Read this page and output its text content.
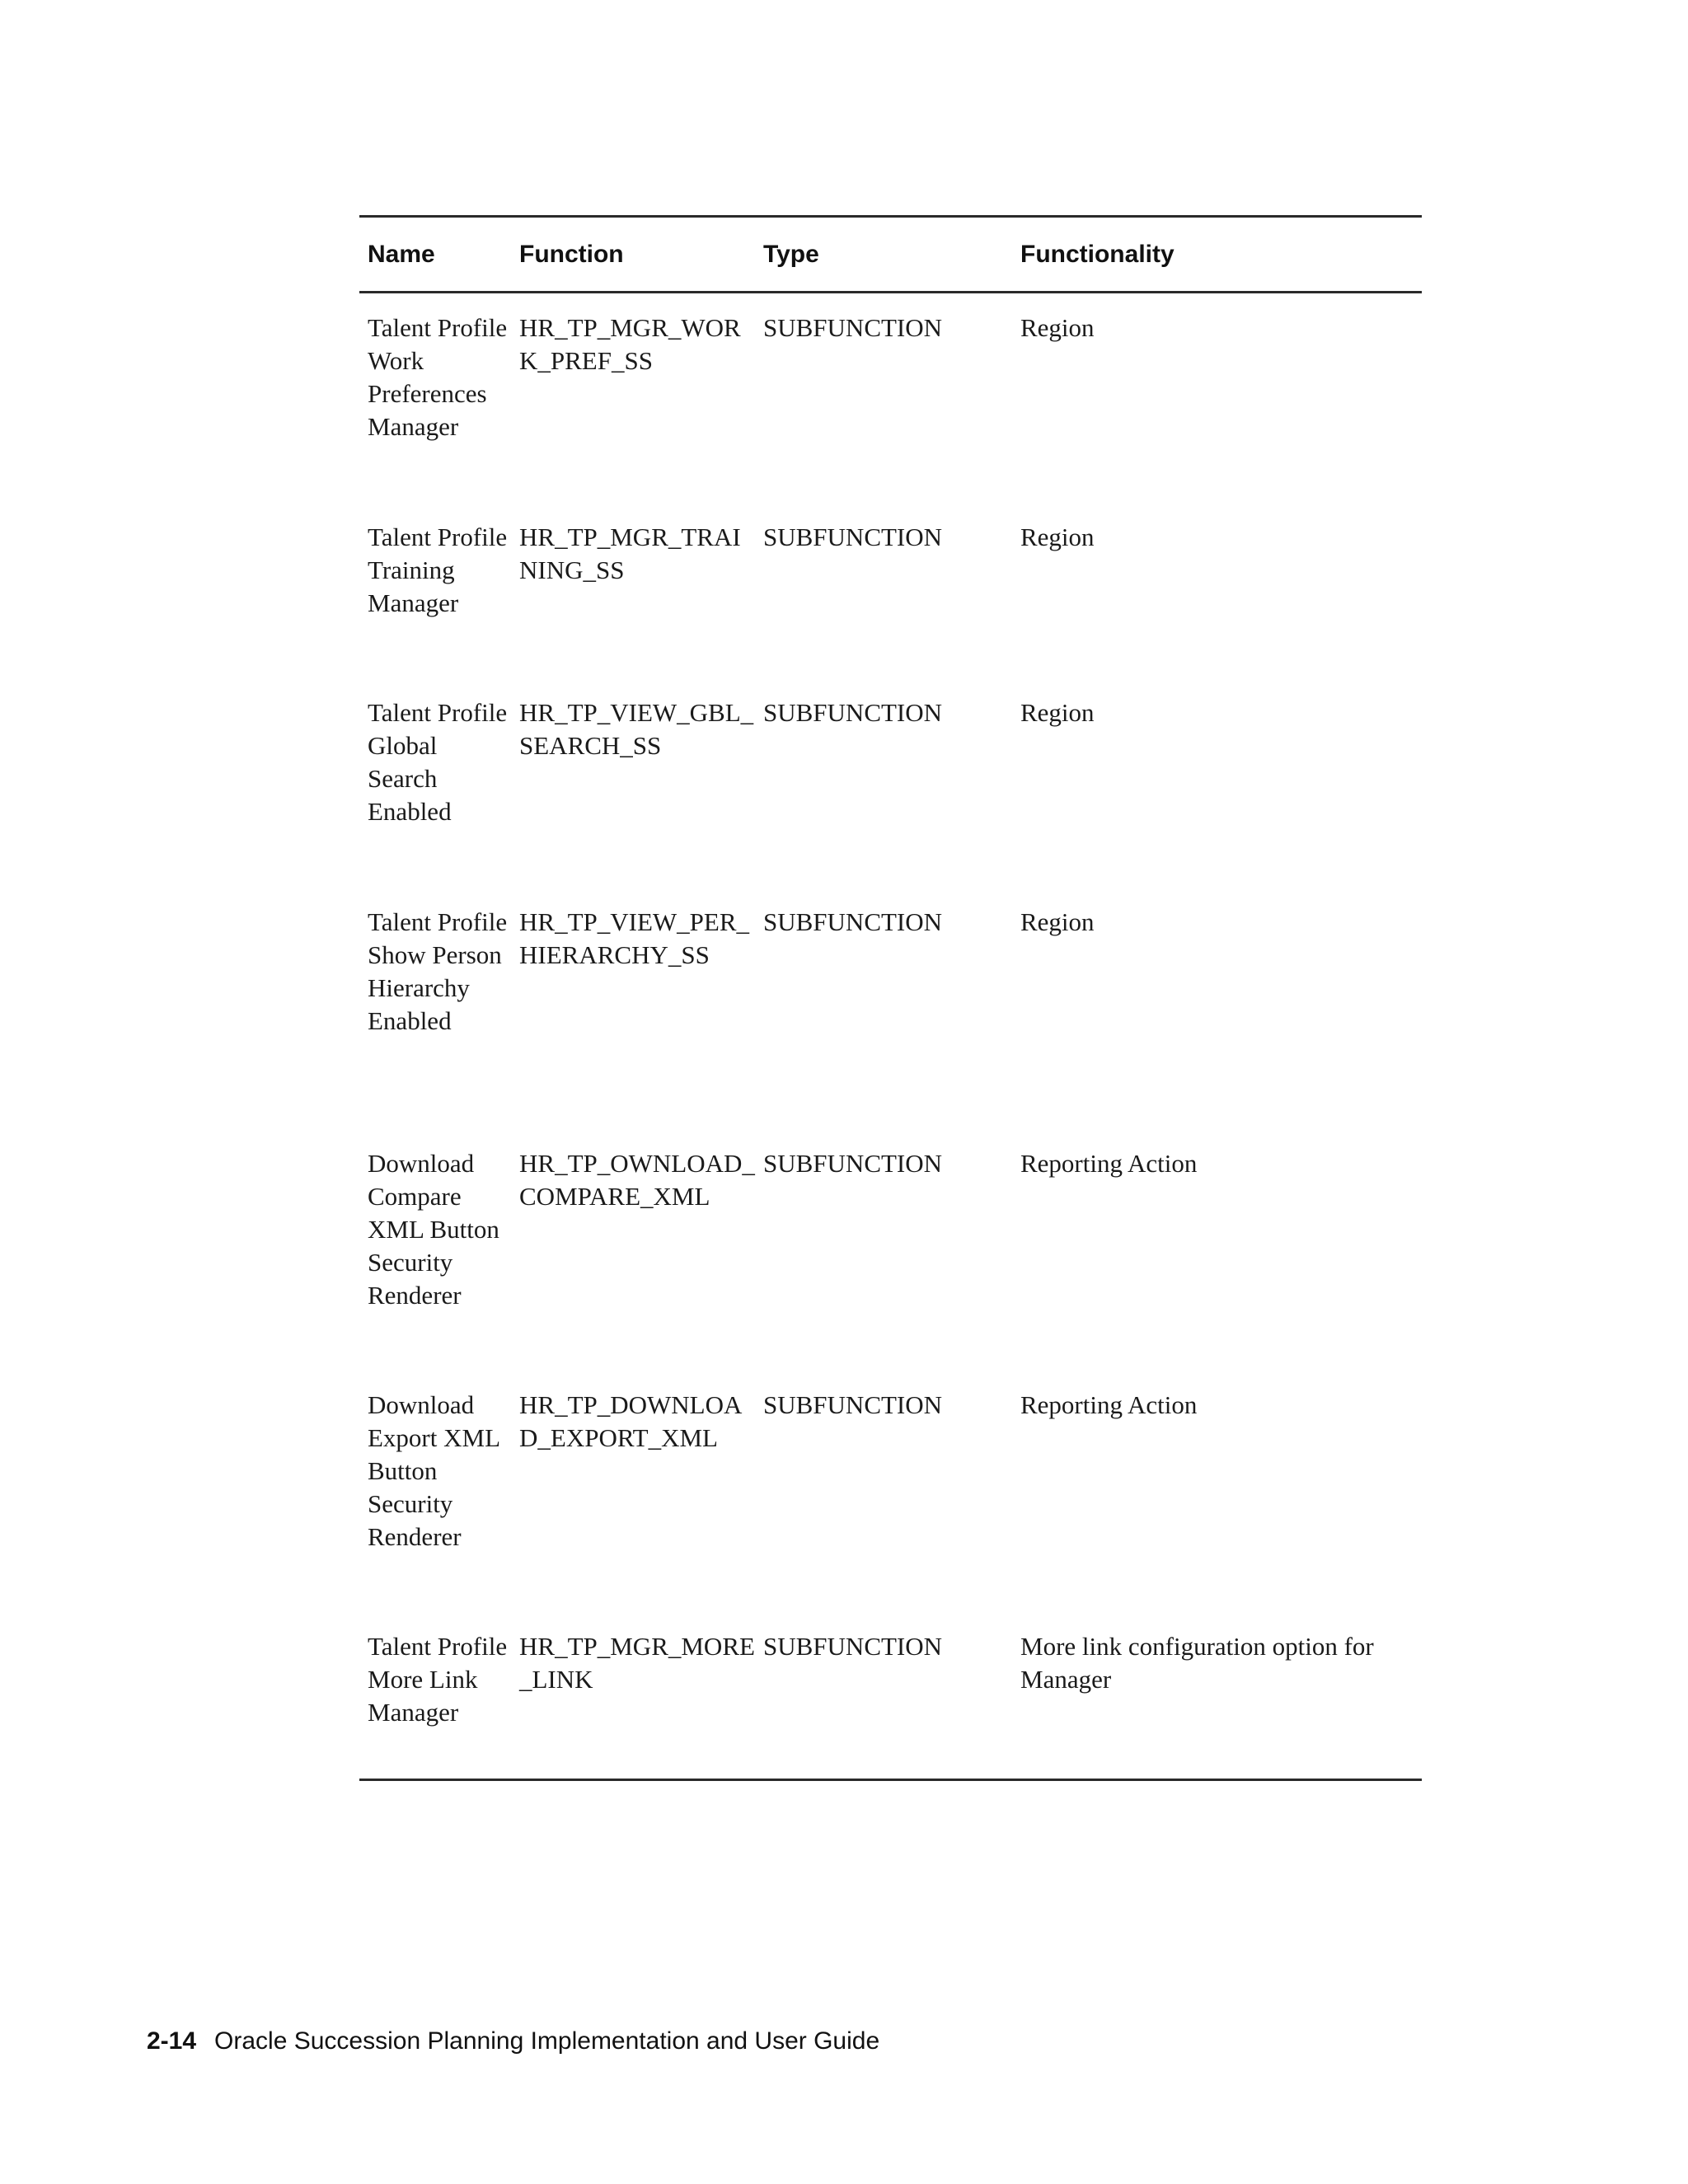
Name	Function	Type	Functionality
Talent Profile Work Preferences Manager	HR_TP_MGR_WORK_PREF_SS	SUBFUNCTION	Region
Talent Profile Training Manager	HR_TP_MGR_TRAINING_SS	SUBFUNCTION	Region
Talent Profile Global Search Enabled	HR_TP_VIEW_GBL_SEARCH_SS	SUBFUNCTION	Region
Talent Profile Show Person Hierarchy Enabled	HR_TP_VIEW_PER_HIERARCHY_SS	SUBFUNCTION	Region
Download Compare XML Button Security Renderer	HR_TP_OWNLOAD_COMPARE_XML	SUBFUNCTION	Reporting Action
Download Export XML Button Security Renderer	HR_TP_DOWNLOAD_EXPORT_XML	SUBFUNCTION	Reporting Action
Talent Profile More Link Manager	HR_TP_MGR_MORE_LINK	SUBFUNCTION	More link configuration option for Manager
2-14 Oracle Succession Planning Implementation and User Guide
